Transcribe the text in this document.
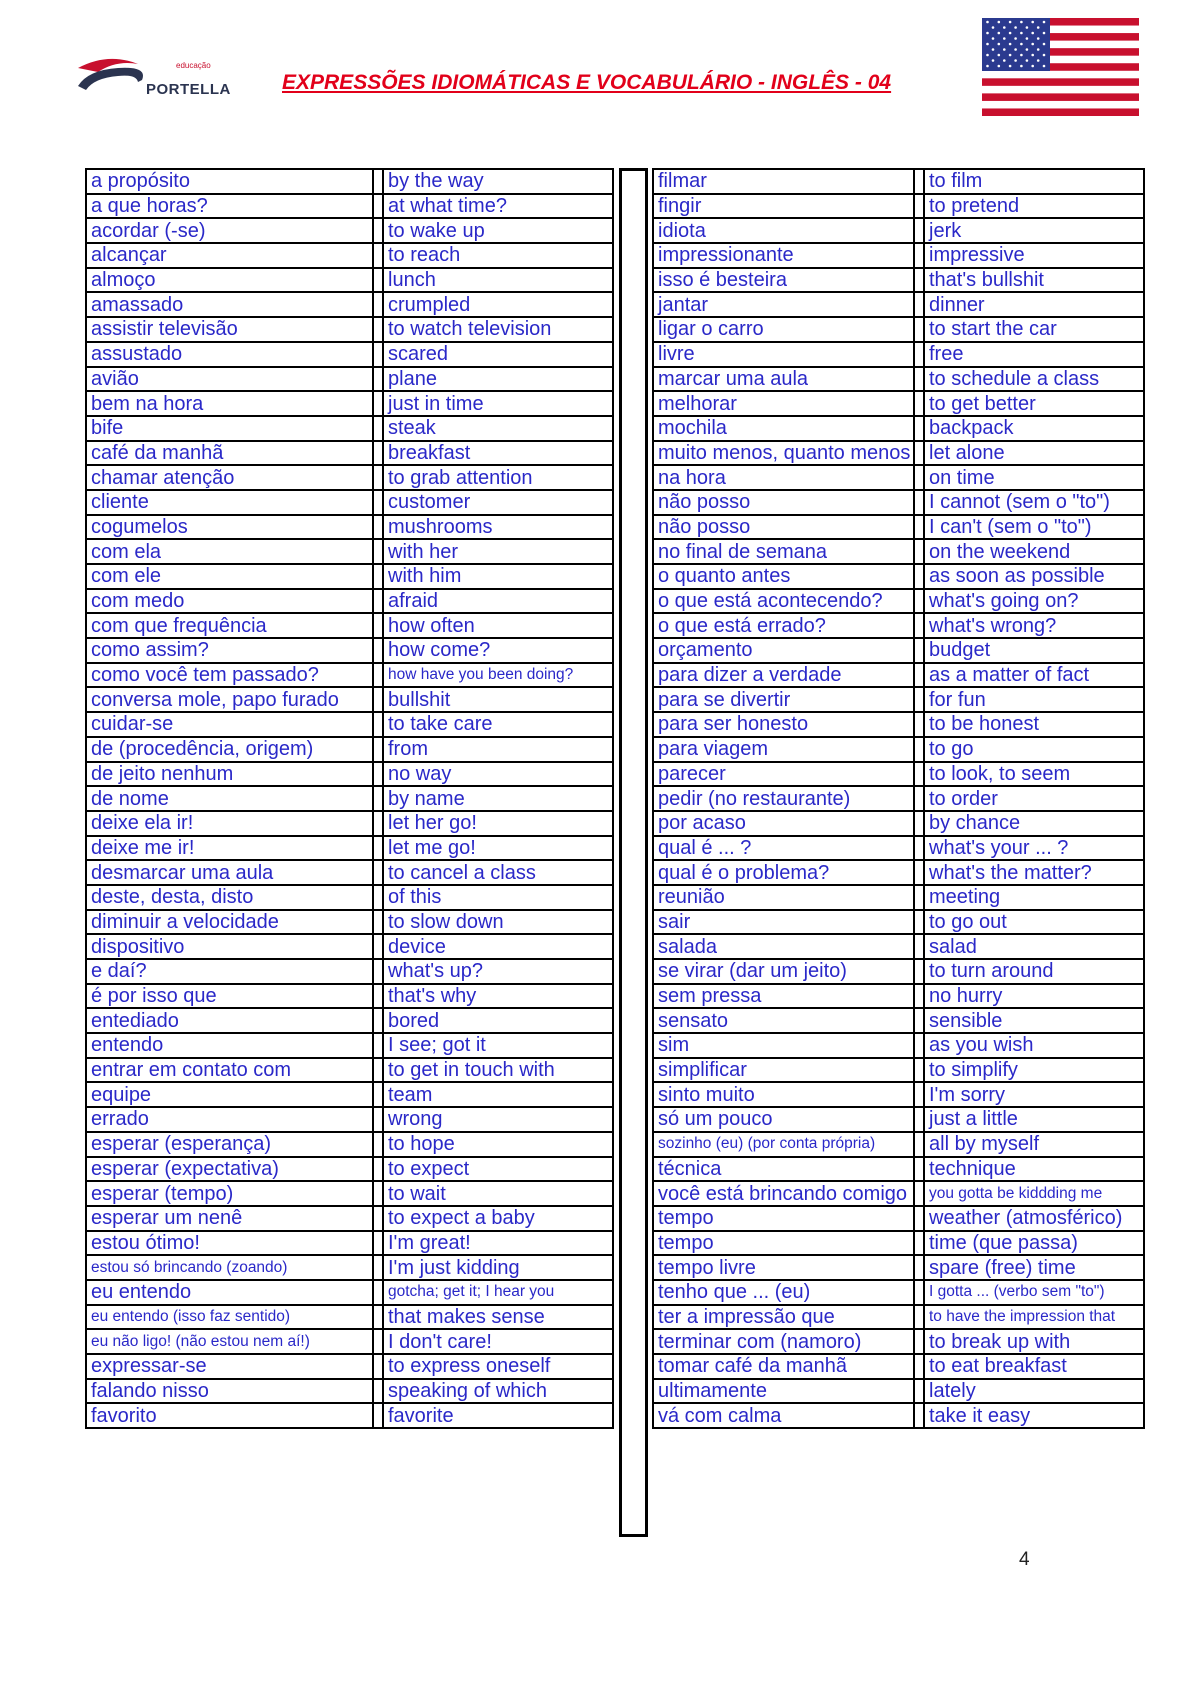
educação
PORTELLA EXPRESSÕES IDIOMÁTICAS E VOCABULÁRIO - INGLÊS - 04
a propósito		by the way
a que horas?		at what time?
acordar (-se)		to wake up
alcançar		to reach
almoço		lunch
amassado		crumpled
assistir televisão		to watch television
assustado		scared
avião		plane
bem na hora		just in time
bife		steak
café da manhã		breakfast
chamar atenção		to grab attention
cliente		customer
cogumelos		mushrooms
com ela		with her
com ele		with him
com medo		afraid
com que frequência		how often
como assim?		how come?
como você tem passado?		how have you been doing?
conversa mole, papo furado		bullshit
cuidar-se		to take care
de (procedência, origem)		from
de jeito nenhum		no way
de nome		by name
deixe ela ir!		let her go!
deixe me ir!		let me go!
desmarcar uma aula		to cancel a class
deste, desta, disto		of this
diminuir a velocidade		to slow down
dispositivo		device
e daí?		what's up?
é por isso que		that's why
entediado		bored
entendo		I see; got it
entrar em contato com		to get in touch with
equipe		team
errado		wrong
esperar (esperança)		to hope
esperar (expectativa)		to expect
esperar (tempo)		to wait
esperar um nenê		to expect a baby
estou ótimo!		I'm great!
estou só brincando (zoando)		I'm just kidding
eu entendo		gotcha; get it; I hear you
eu entendo (isso faz sentido)		that makes sense
eu não ligo! (não estou nem aí!)		I don't care!
expressar-se		to express oneself
falando nisso		speaking of which
favorito		favorite
filmar		to film
fingir		to pretend
idiota		jerk
impressionante		impressive
isso é besteira		that's bullshit
jantar		dinner
ligar o carro		to start the car
livre		free
marcar uma aula		to schedule a class
melhorar		to get better
mochila		backpack
muito menos, quanto menos		let alone
na hora		on time
não posso		I cannot (sem o "to")
não posso		I can't (sem o "to")
no final de semana		on the weekend
o quanto antes		as soon as possible
o que está acontecendo?		what's going on?
o que está errado?		what's wrong?
orçamento		budget
para dizer a verdade		as a matter of fact
para se divertir		for fun
para ser honesto		to be honest
para viagem		to go
parecer		to look, to seem
pedir (no restaurante)		to order
por acaso		by chance
qual é ... ?		what's your ... ?
qual é o problema?		what's the matter?
reunião		meeting
sair		to go out
salada		salad
se virar (dar um jeito)		to turn around
sem pressa		no hurry
sensato		sensible
sim		as you wish
simplificar		to simplify
sinto muito		I'm sorry
só um pouco		just a little
sozinho (eu) (por conta própria)		all by myself
técnica		technique
você está brincando comigo		you gotta be kiddding me
tempo		weather (atmosférico)
tempo		time (que passa)
tempo livre		spare (free) time
tenho que ... (eu)		I gotta ... (verbo sem "to")
ter a impressão que		to have the impression that
terminar com (namoro)		to break up with
tomar café da manhã		to eat breakfast
ultimamente		lately
vá com calma		take it easy
4
